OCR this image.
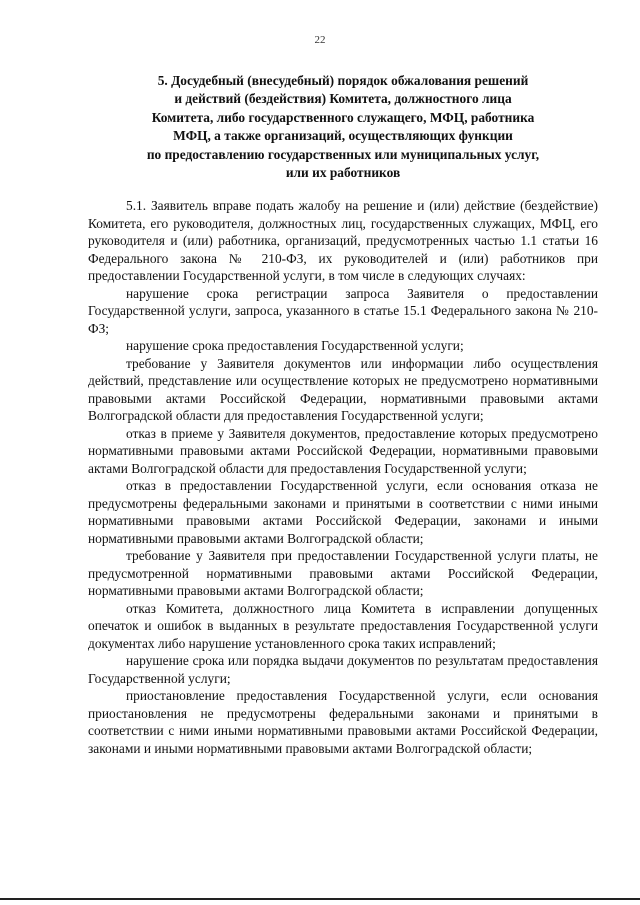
22
5. Досудебный (внесудебный) порядок обжалования решений
и действий (бездействия) Комитета, должностного лица
Комитета, либо государственного служащего, МФЦ, работника
МФЦ, а также организаций, осуществляющих функции
по предоставлению государственных или муниципальных услуг,
или их работников

5.1. Заявитель вправе подать жалобу на решение и (или) действие (бездействие) Комитета, его руководителя, должностных лиц, государственных служащих, МФЦ, его руководителя и (или) работника, организаций, предусмотренных частью 1.1 статьи 16 Федерального закона № 210-ФЗ, их руководителей и (или) работников при предоставлении Государственной услуги, в том числе в следующих случаях:

нарушение срока регистрации запроса Заявителя о предоставлении Государственной услуги, запроса, указанного в статье 15.1 Федерального закона № 210-ФЗ;

нарушение срока предоставления Государственной услуги;

требование у Заявителя документов или информации либо осуществления действий, представление или осуществление которых не предусмотрено нормативными правовыми актами Российской Федерации, нормативными правовыми актами Волгоградской области для предоставления Государственной услуги;

отказ в приеме у Заявителя документов, предоставление которых предусмотрено нормативными правовыми актами Российской Федерации, нормативными правовыми актами Волгоградской области для предоставления Государственной услуги;

отказ в предоставлении Государственной услуги, если основания отказа не предусмотрены федеральными законами и принятыми в соответствии с ними иными нормативными правовыми актами Российской Федерации, законами и иными нормативными правовыми актами Волгоградской области;

требование у Заявителя при предоставлении Государственной услуги платы, не предусмотренной нормативными правовыми актами Российской Федерации, нормативными правовыми актами Волгоградской области;

отказ Комитета, должностного лица Комитета в исправлении допущенных опечаток и ошибок в выданных в результате предоставления Государственной услуги документах либо нарушение установленного срока таких исправлений;

нарушение срока или порядка выдачи документов по результатам предоставления Государственной услуги;

приостановление предоставления Государственной услуги, если основания приостановления не предусмотрены федеральными законами и принятыми в соответствии с ними иными нормативными правовыми актами Российской Федерации, законами и иными нормативными правовыми актами Волгоградской области;
